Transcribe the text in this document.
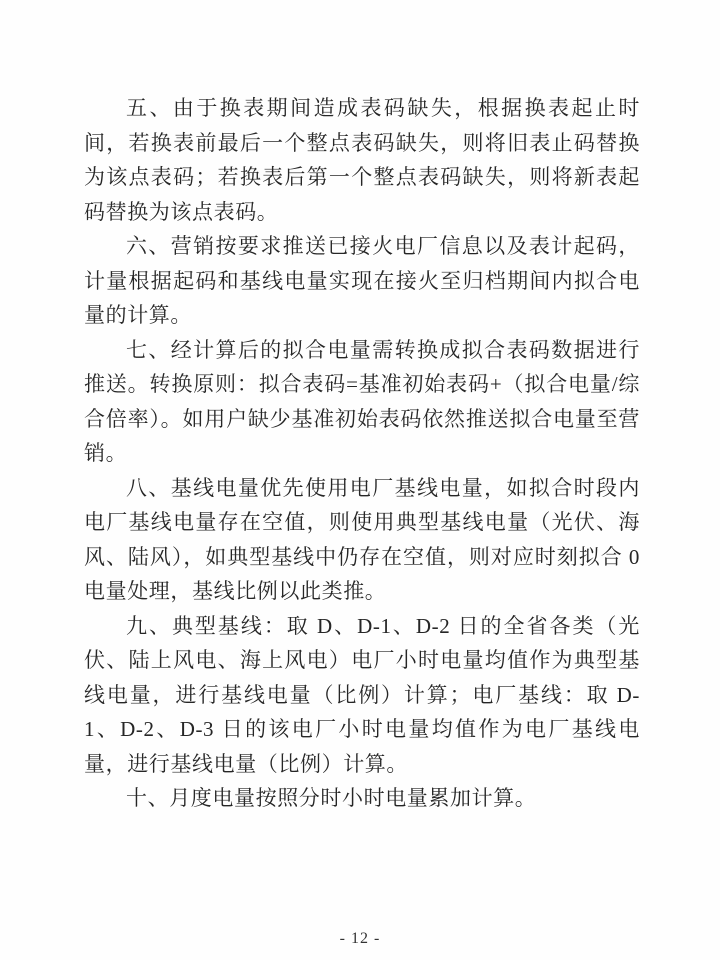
五、由于换表期间造成表码缺失，根据换表起止时间，若换表前最后一个整点表码缺失，则将旧表止码替换为该点表码；若换表后第一个整点表码缺失，则将新表起码替换为该点表码。

六、营销按要求推送已接火电厂信息以及表计起码，计量根据起码和基线电量实现在接火至归档期间内拟合电量的计算。

七、经计算后的拟合电量需转换成拟合表码数据进行推送。转换原则：拟合表码=基准初始表码+（拟合电量/综合倍率）。如用户缺少基准初始表码依然推送拟合电量至营销。

八、基线电量优先使用电厂基线电量，如拟合时段内电厂基线电量存在空值，则使用典型基线电量（光伏、海风、陆风），如典型基线中仍存在空值，则对应时刻拟合 0 电量处理，基线比例以此类推。

九、典型基线：取 D、D-1、D-2 日的全省各类（光伏、陆上风电、海上风电）电厂小时电量均值作为典型基线电量，进行基线电量（比例）计算；电厂基线：取 D-1、D-2、D-3 日的该电厂小时电量均值作为电厂基线电量，进行基线电量（比例）计算。

十、月度电量按照分时小时电量累加计算。

- 12 -
